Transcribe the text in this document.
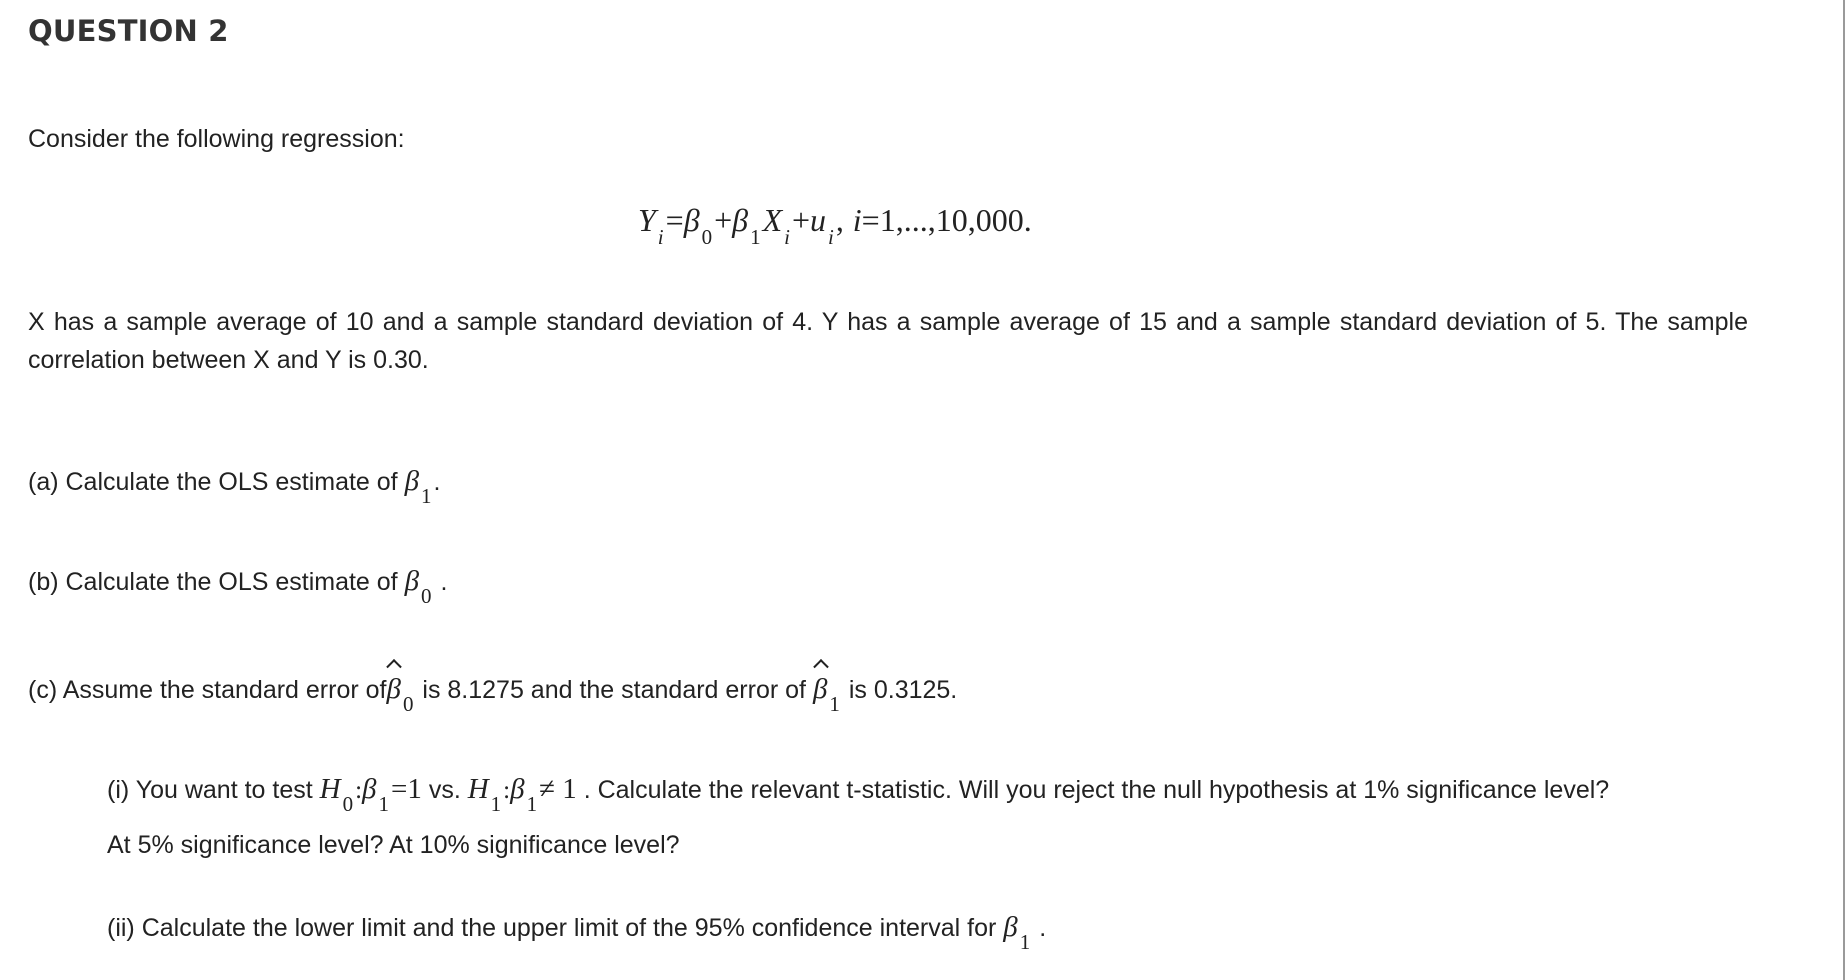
QUESTION 2
Consider the following regression:
$Y_i=\beta_0+\beta_1X_i+u_i$, i=1,...,10,000.
X has a sample average of 10 and a sample standard deviation of 4. Y has a sample average of 15 and a sample standard deviation of 5. The sample correlation between X and Y is 0.30.
(a) Calculate the OLS estimate of $\beta_1$.
(b) Calculate the OLS estimate of $\beta_0$ .
(c) Assume the standard error ofβ$_0$ is 8.1275 and the standard error of $\beta_1$ is 0.3125.
(i) You want to test $H_0:\beta_1=1$ vs. $H_1:\beta_1\ne 1$ . Calculate the relevant t-statistic. Will you reject the null hypothesis at 1% significance level?
At 5% significance level? At 10% significance level?
(ii) Calculate the lower limit and the upper limit of the 95% confidence interval for $\beta_1$ .
